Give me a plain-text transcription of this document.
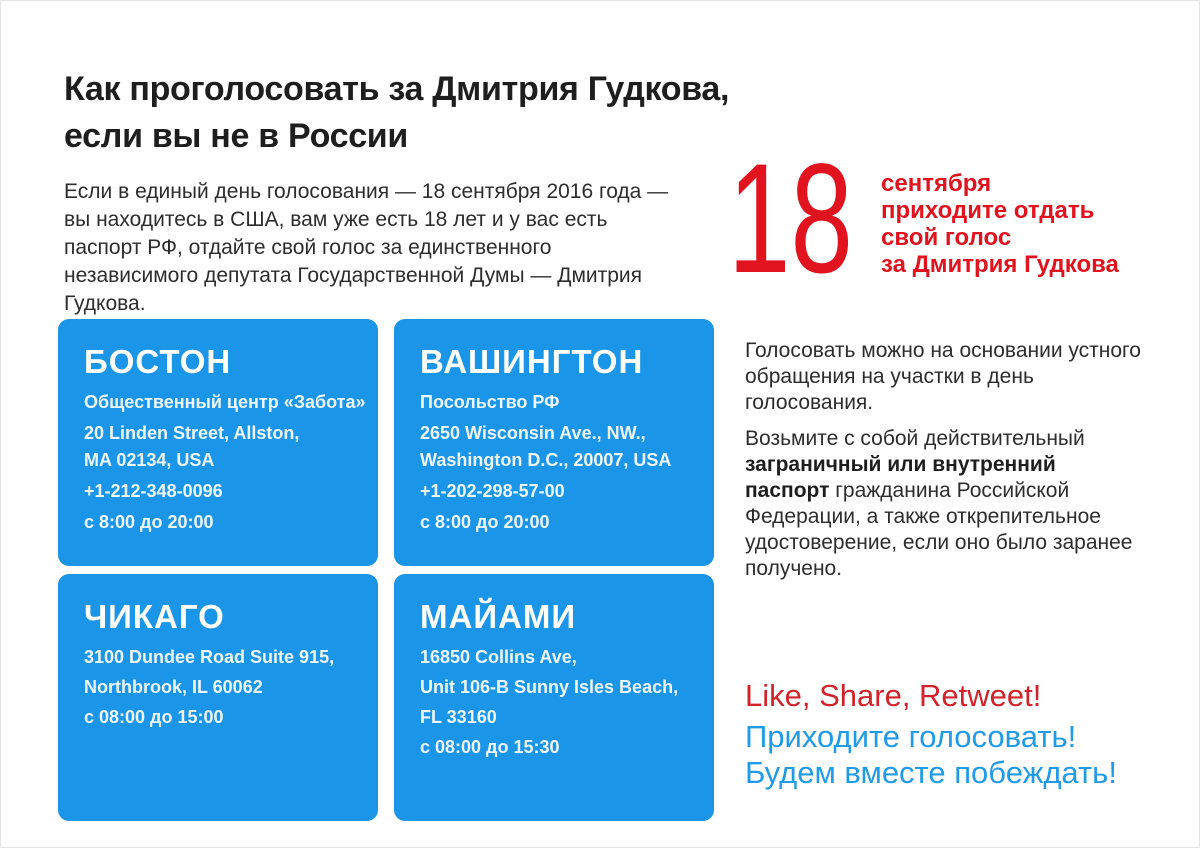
Как проголосовать за Дмитрия Гудкова,
если вы не в России

Если в единый день голосования — 18 сентября 2016 года — вы находитесь в США, вам уже есть 18 лет и у вас есть паспорт РФ, отдайте свой голос за единственного независимого депутата Государственной Думы — Дмитрия Гудкова.	18 сентября
приходите отдать
свой голос
за Дмитрия Гудкова
БОСТОН
Общественный центр «Забота»
20 Linden Street, Allston,
MA 02134, USA
+1-212-348-0096
с 8:00 до 20:00
ВАШИНГТОН
Посольство РФ
2650 Wisconsin Ave., NW.,
Washington D.C., 20007, USA
+1-202-298-57-00
с 8:00 до 20:00
ЧИКАГО
3100 Dundee Road Suite 915,
Northbrook, IL 60062
с 08:00 до 15:00
МАЙАМИ
16850 Collins Ave,
Unit 106-B Sunny Isles Beach,
FL 33160
с 08:00 до 15:30

Голосовать можно на основании устного обращения на участки в день голосования.

Возьмите с собой действительный заграничный или внутренний паспорт гражданина Российской Федерации, а также открепительное удостоверение, если оно было заранее получено.

Like, Share, Retweet!
Приходите голосовать!
Будем вместе побеждать!
